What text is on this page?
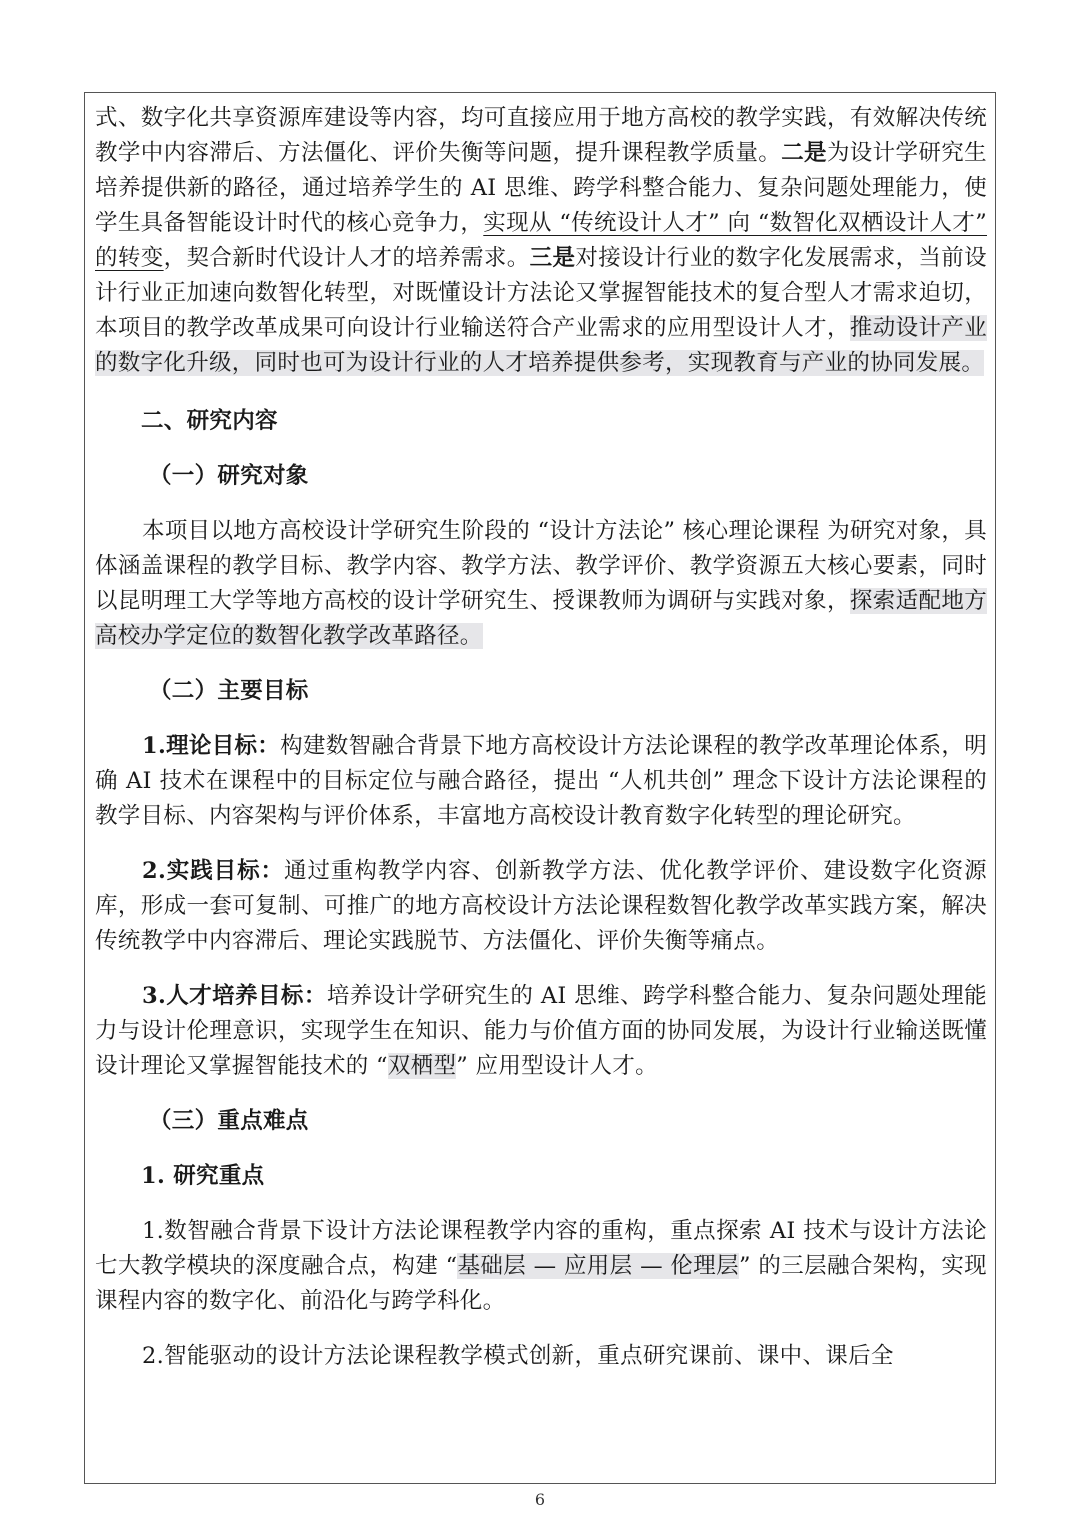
式、数字化共享资源库建设等内容，均可直接应用于地方高校的教学实践，有效解决传统教学中内容滞后、方法僵化、评价失衡等问题，提升课程教学质量。二是为设计学研究生培养提供新的路径，通过培养学生的 AI 思维、跨学科整合能力、复杂问题处理能力，使学生具备智能设计时代的核心竞争力，实现从 “传统设计人才” 向 “数智化双栖设计人才” 的转变，契合新时代设计人才的培养需求。三是对接设计行业的数字化发展需求，当前设计行业正加速向数智化转型，对既懂设计方法论又掌握智能技术的复合型人才需求迫切，本项目的教学改革成果可向设计行业输送符合产业需求的应用型设计人才，推动设计产业的数字化升级，同时也可为设计行业的人才培养提供参考，实现教育与产业的协同发展。

二、研究内容

（一）研究对象

本项目以地方高校设计学研究生阶段的 “设计方法论” 核心理论课程 为研究对象，具体涵盖课程的教学目标、教学内容、教学方法、教学评价、教学资源五大核心要素，同时以昆明理工大学等地方高校的设计学研究生、授课教师为调研与实践对象，探索适配地方高校办学定位的数智化教学改革路径。

（二）主要目标

1.理论目标：构建数智融合背景下地方高校设计方法论课程的教学改革理论体系，明确 AI 技术在课程中的目标定位与融合路径，提出 “人机共创” 理念下设计方法论课程的教学目标、内容架构与评价体系，丰富地方高校设计教育数字化转型的理论研究。

2.实践目标：通过重构教学内容、创新教学方法、优化教学评价、建设数字化资源库，形成一套可复制、可推广的地方高校设计方法论课程数智化教学改革实践方案，解决传统教学中内容滞后、理论实践脱节、方法僵化、评价失衡等痛点。

3.人才培养目标：培养设计学研究生的 AI 思维、跨学科整合能力、复杂问题处理能力与设计伦理意识，实现学生在知识、能力与价值方面的协同发展，为设计行业输送既懂设计理论又掌握智能技术的 “双栖型” 应用型设计人才。

（三）重点难点

1. 研究重点

1.数智融合背景下设计方法论课程教学内容的重构，重点探索 AI 技术与设计方法论七大教学模块的深度融合点，构建 “基础层 — 应用层 — 伦理层” 的三层融合架构，实现课程内容的数字化、前沿化与跨学科化。

2.智能驱动的设计方法论课程教学模式创新，重点研究课前、课中、课后全

6
